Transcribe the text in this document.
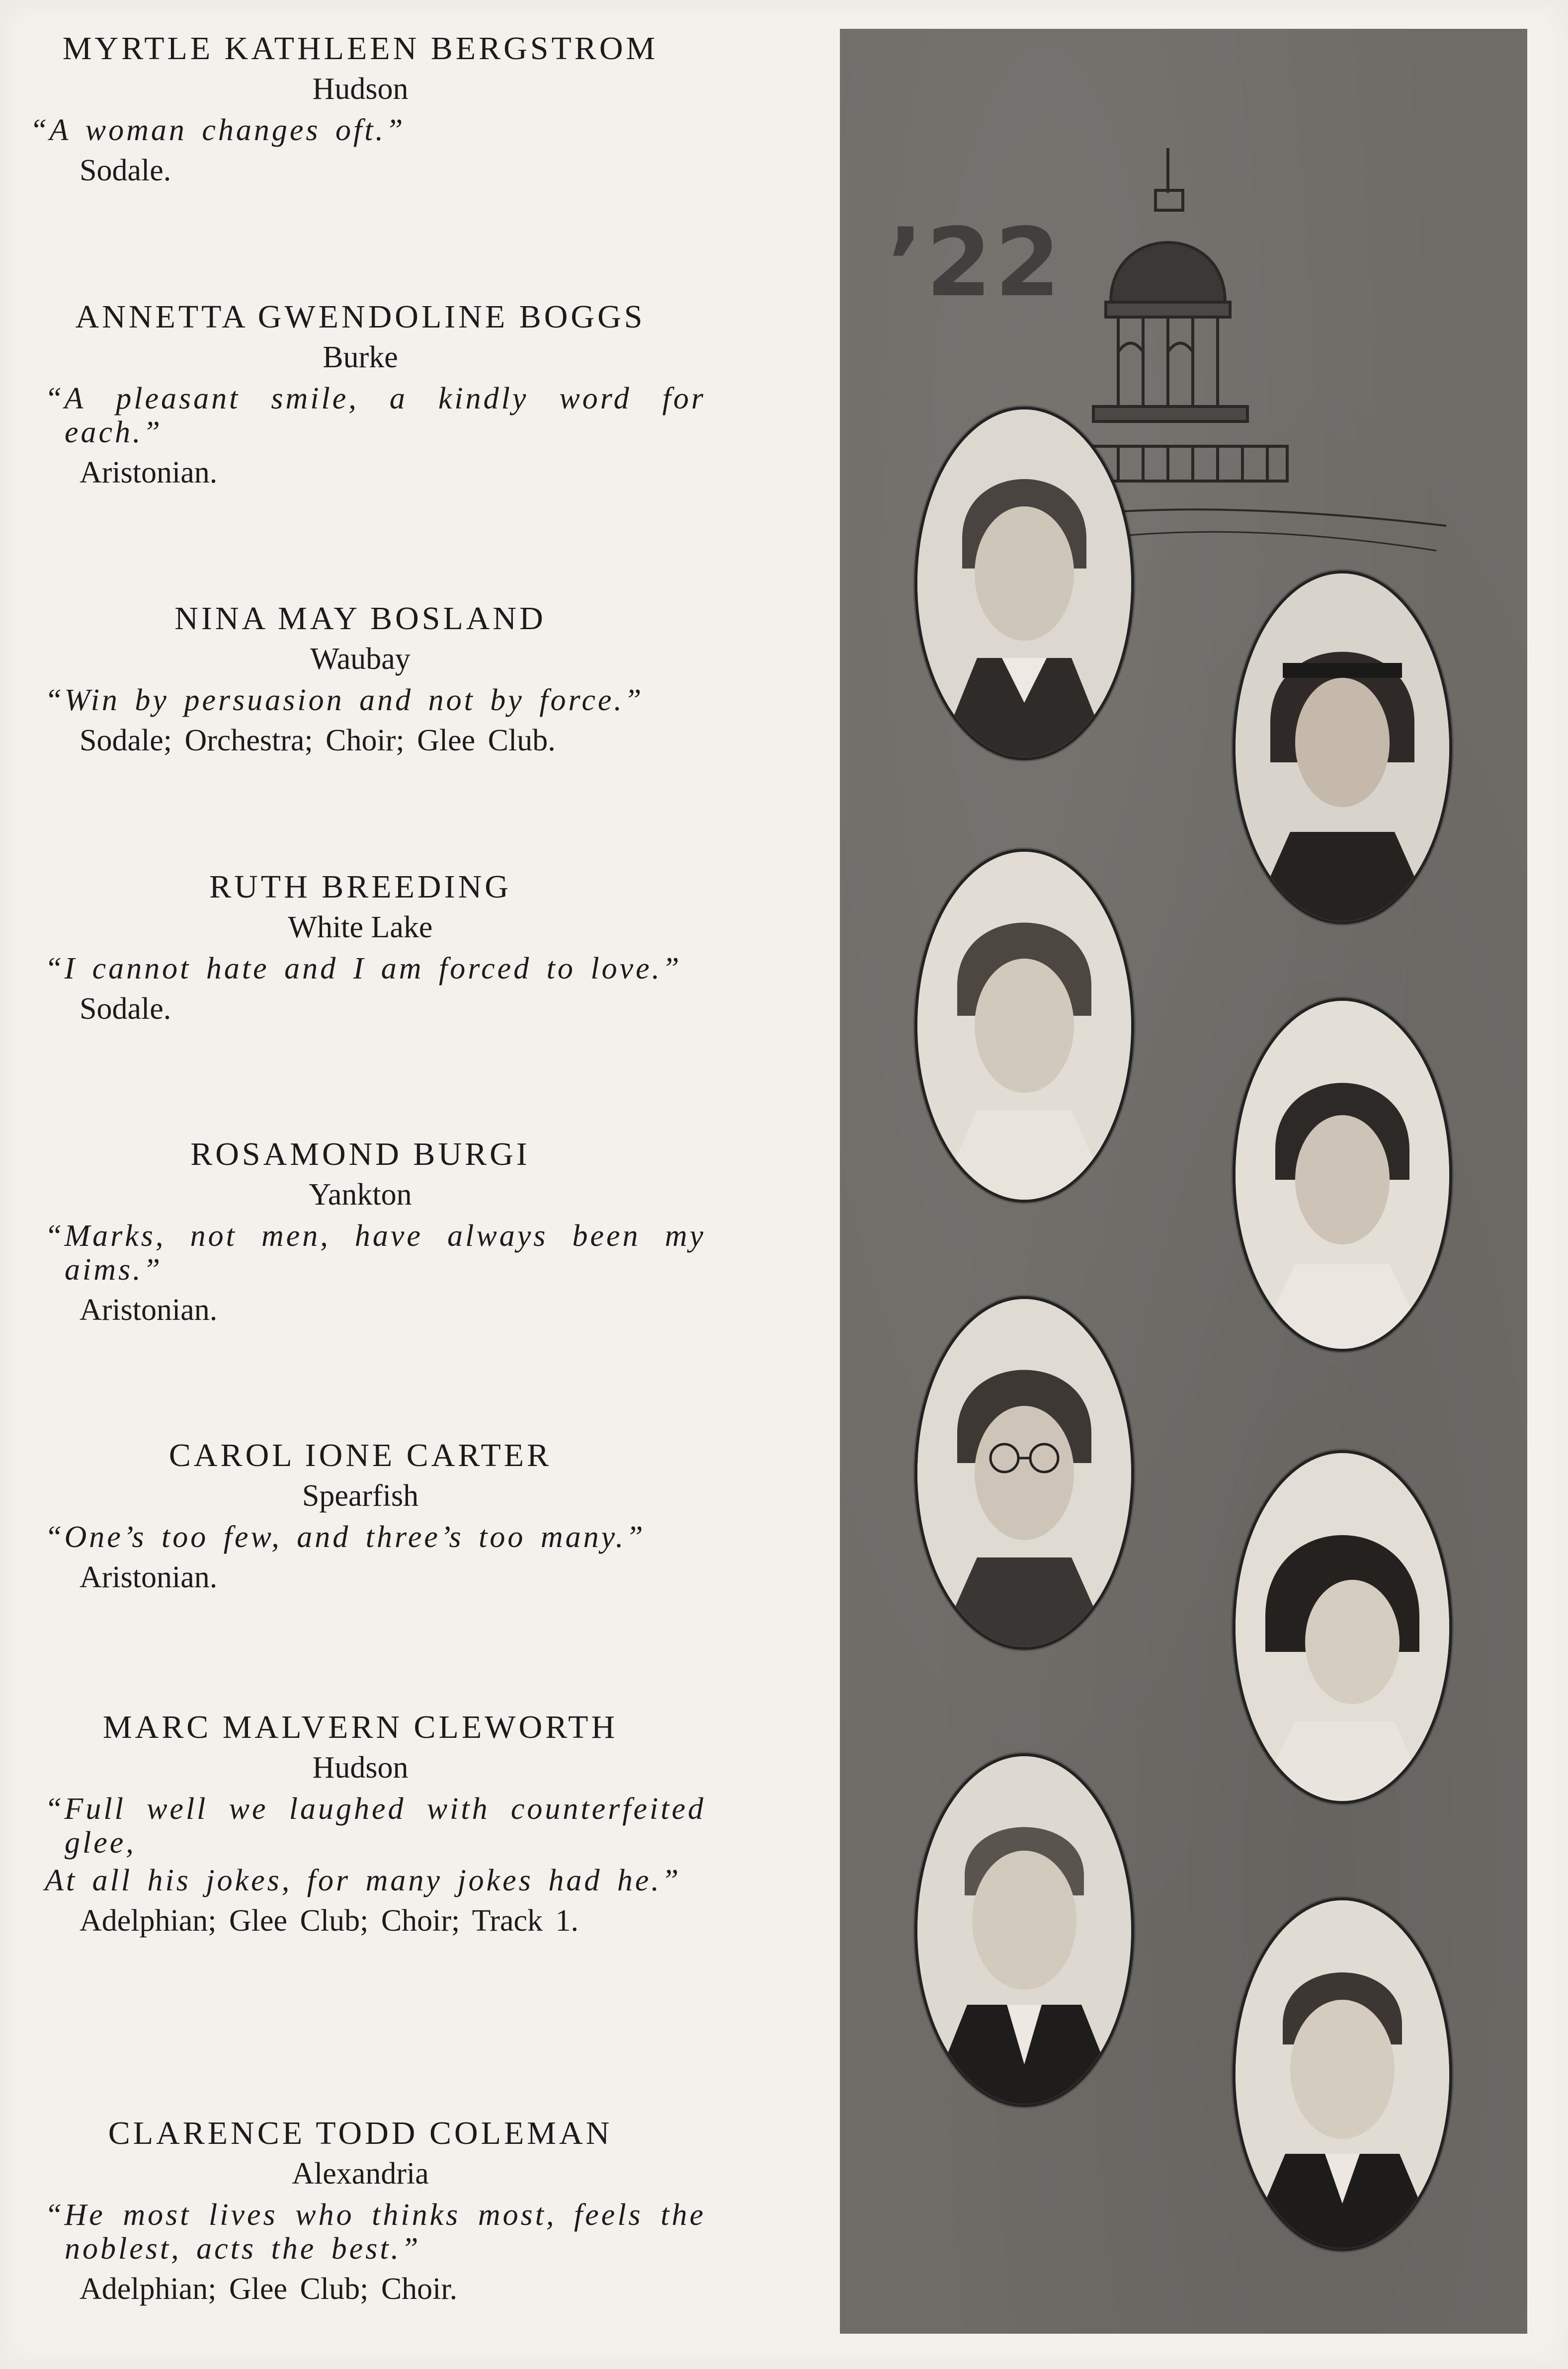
MYRTLE KATHLEEN BERGSTROM
Hudson
“A woman changes oft.”
Sodale.
ANNETTA GWENDOLINE BOGGS
Burke
“A pleasant smile, a kindly word for each.”
Aristonian.
NINA MAY BOSLAND
Waubay
“Win by persuasion and not by force.”
Sodale; Orchestra; Choir; Glee Club.
RUTH BREEDING
White Lake
“I cannot hate and I am forced to love.”
Sodale.
ROSAMOND BURGI
Yankton
“Marks, not men, have always been my aims.”
Aristonian.
CAROL IONE CARTER
Spearfish
“One’s too few, and three’s too many.”
Aristonian.
MARC MALVERN CLEWORTH
Hudson
“Full well we laughed with counterfeited glee,
At all his jokes, for many jokes had he.”
Adelphian; Glee Club; Choir; Track 1.
CLARENCE TODD COLEMAN
Alexandria
“He most lives who thinks most, feels the noblest, acts the best.”
Adelphian; Glee Club; Choir.
’22
